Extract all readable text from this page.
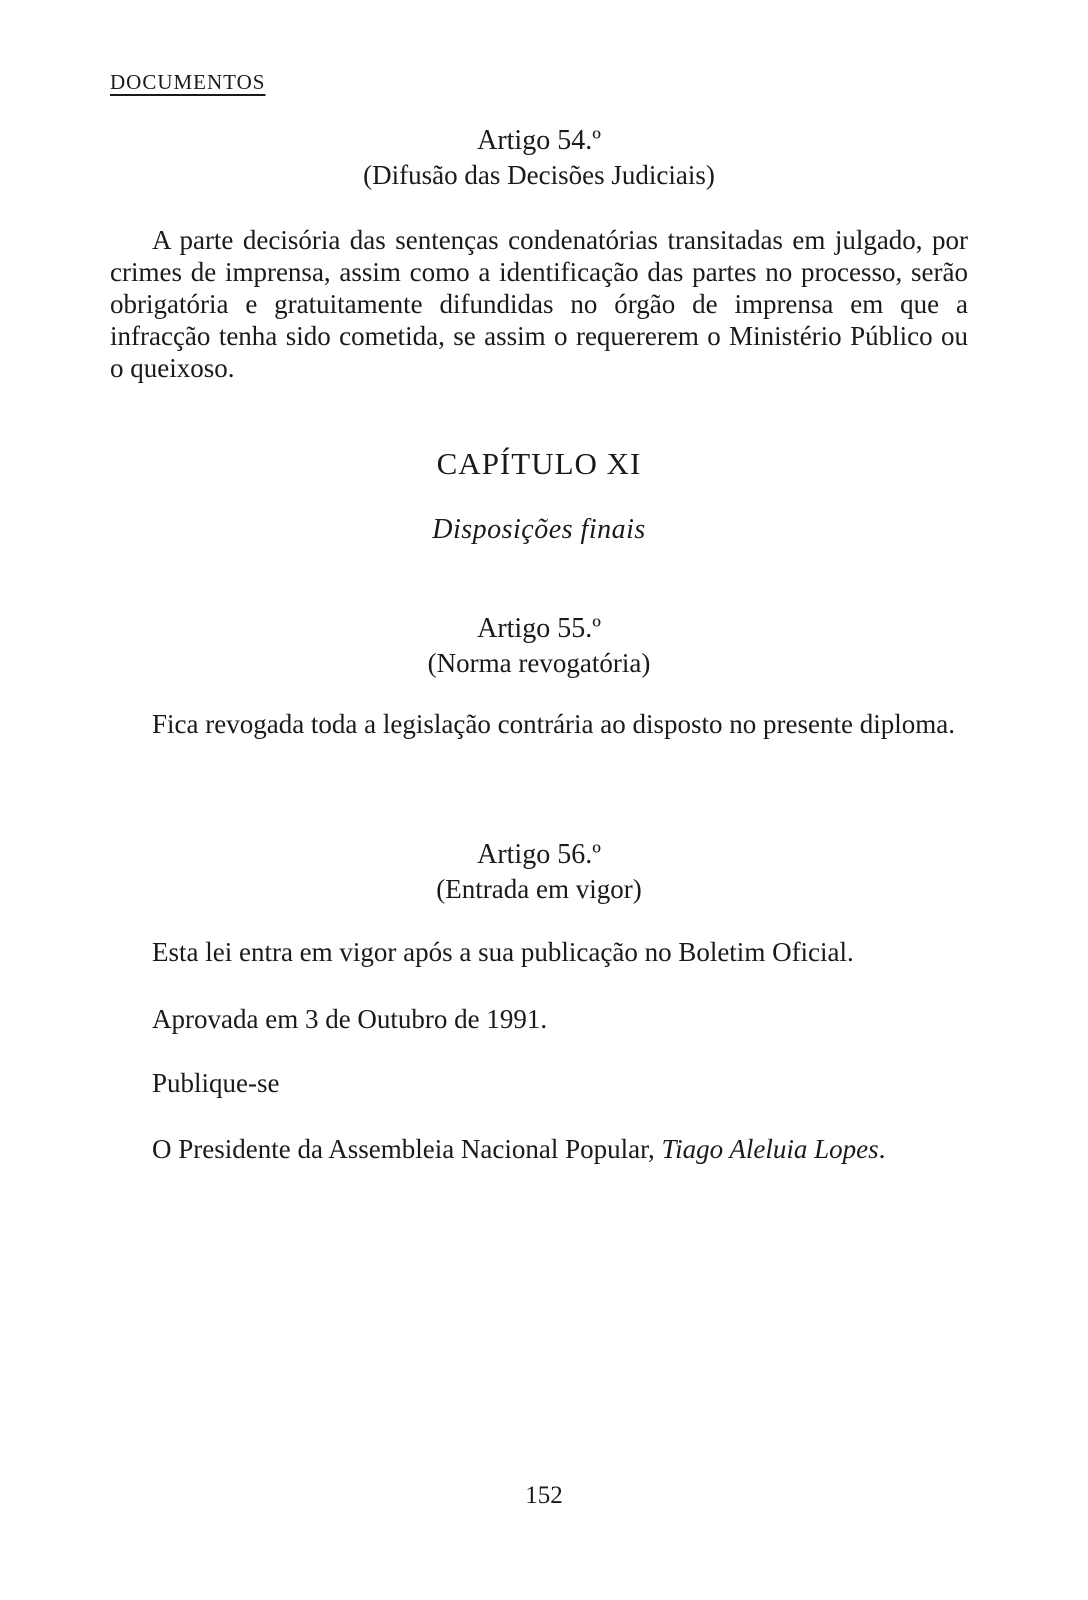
DOCUMENTOS
Artigo 54.º
(Difusão das Decisões Judiciais)

A parte decisória das sentenças condenatórias transitadas em julgado, por crimes de imprensa, assim como a identificação das partes no processo, serão obrigatória e gratuitamente difundidas no órgão de imprensa em que a infracção tenha sido cometida, se assim o requererem o Ministério Público ou o queixoso.

CAPÍTULO XI
Disposições finais
Artigo 55.º
(Norma revogatória)

Fica revogada toda a legislação contrária ao disposto no presente diploma.

Artigo 56.º
(Entrada em vigor)

Esta lei entra em vigor após a sua publicação no Boletim Oficial.

Aprovada em 3 de Outubro de 1991.

Publique-se

O Presidente da Assembleia Nacional Popular, Tiago Aleluia Lopes.

152
